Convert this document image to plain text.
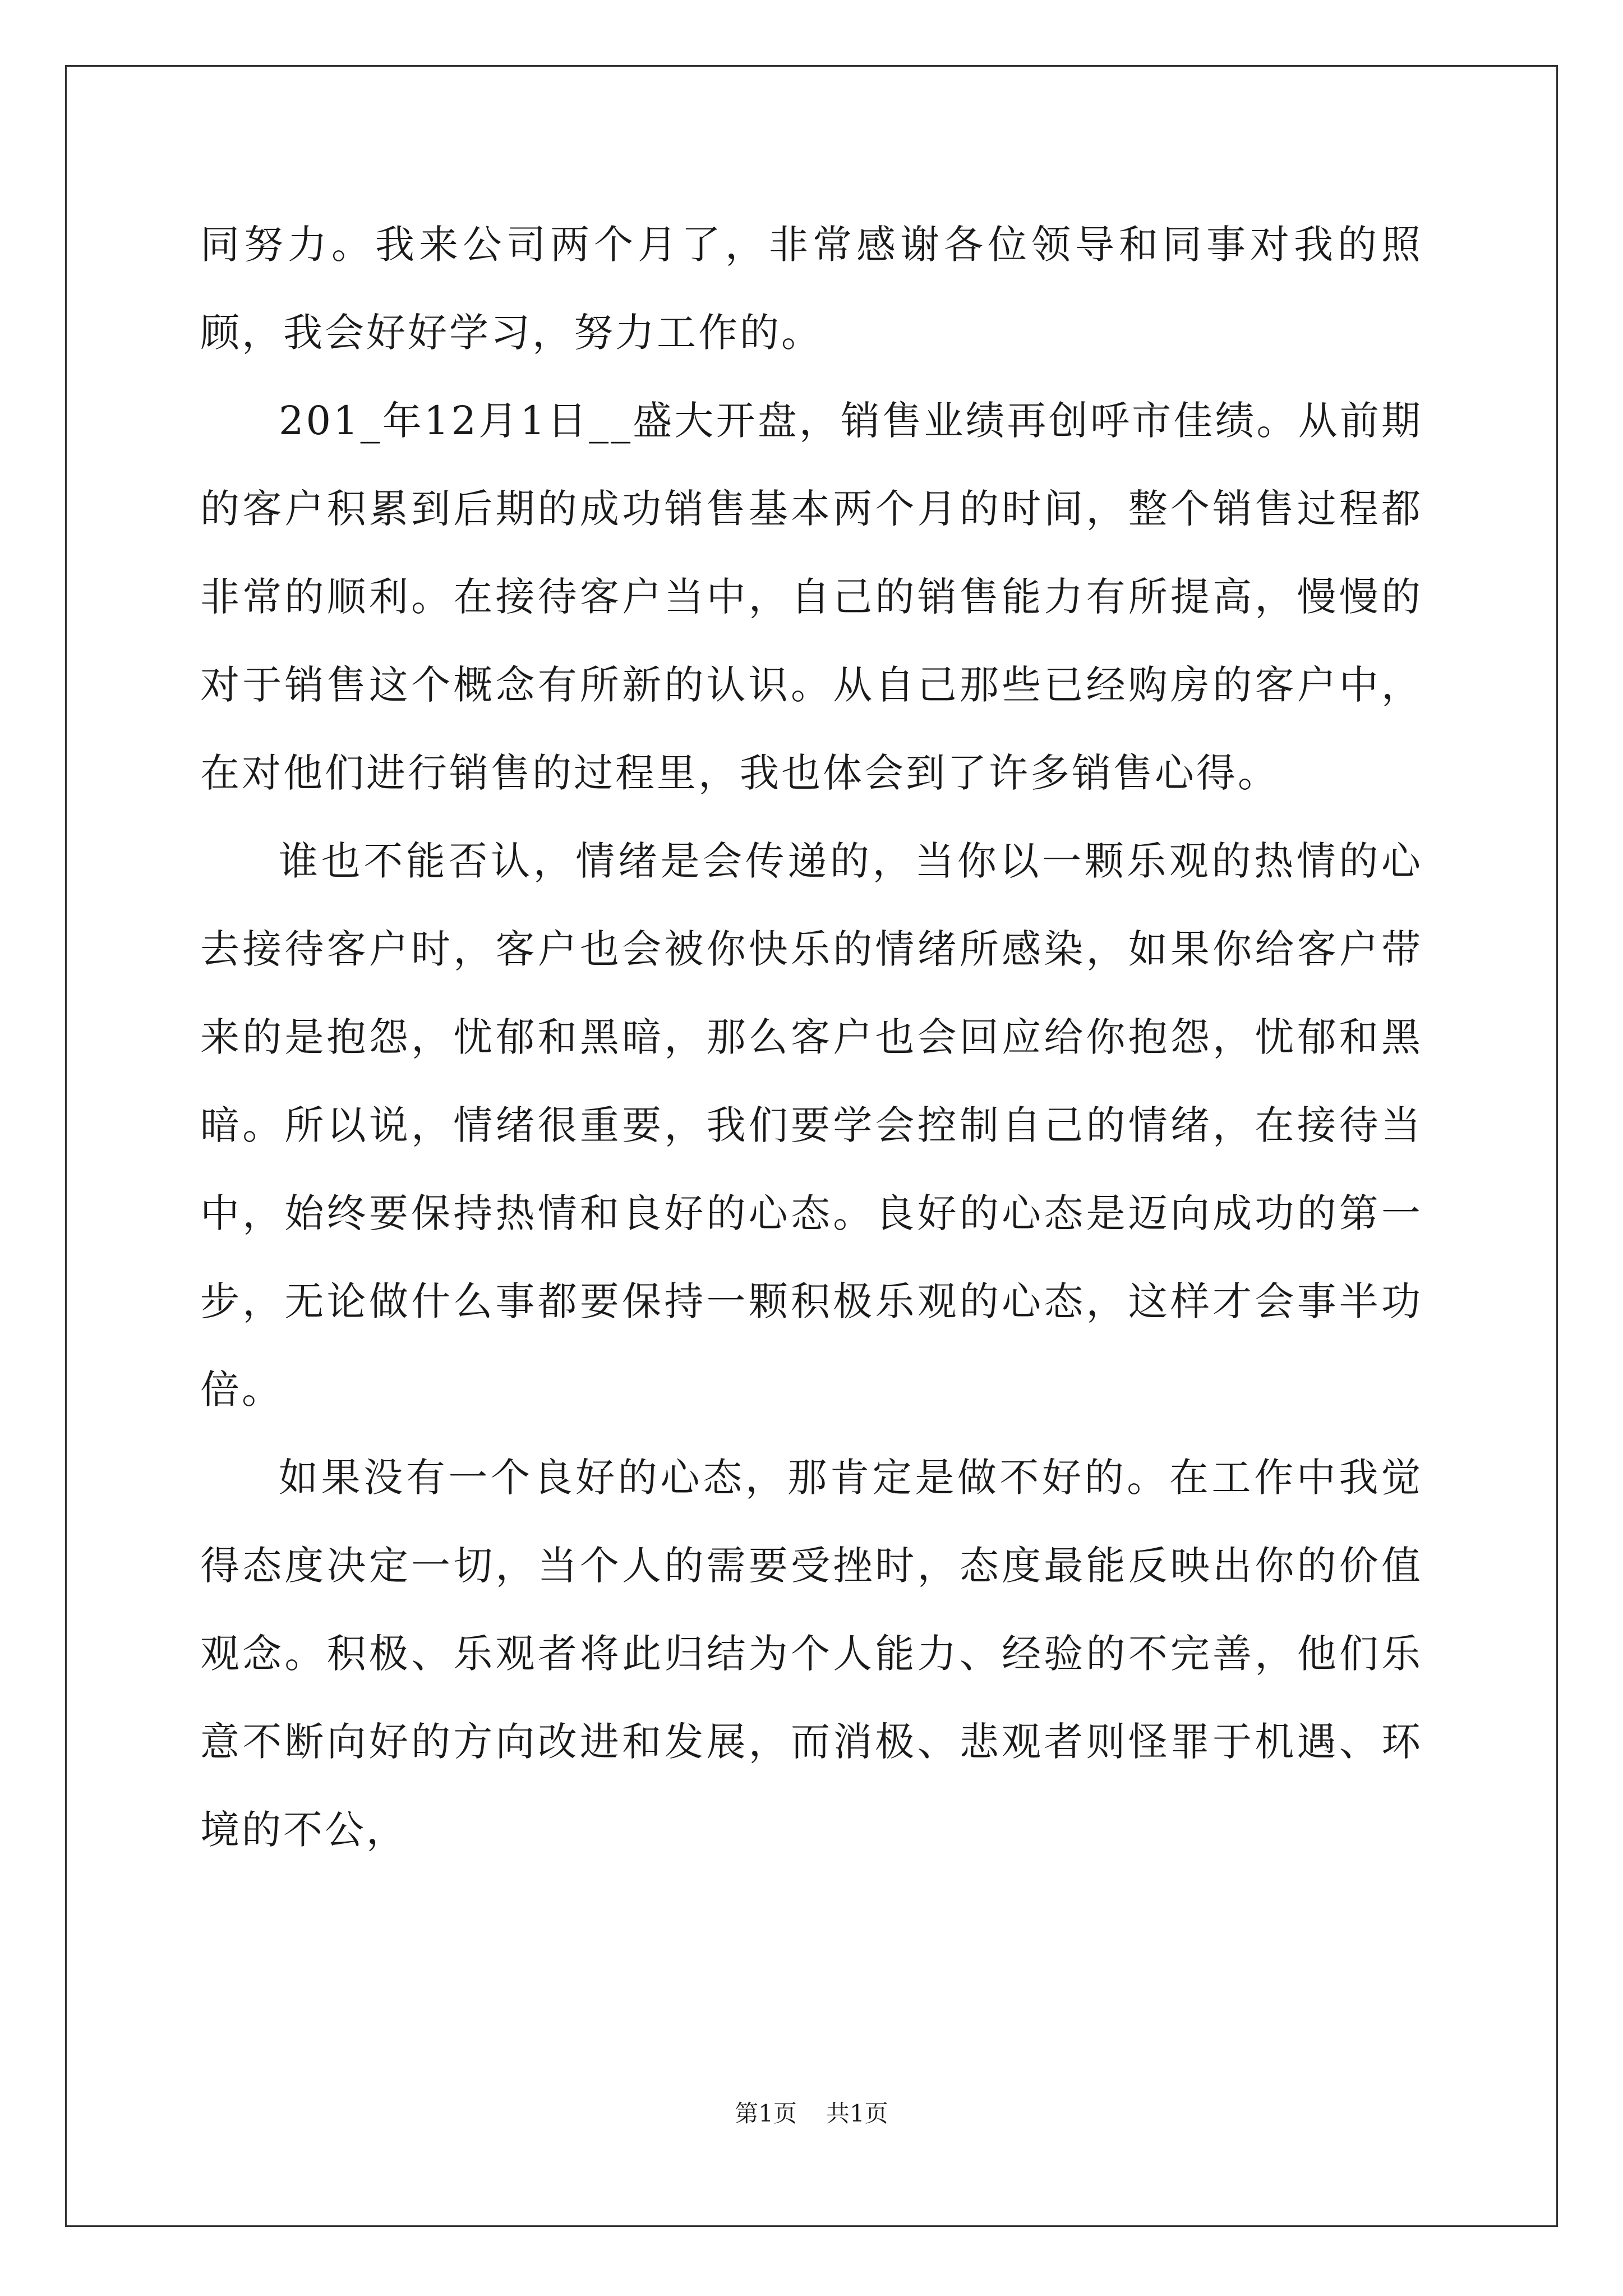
同努力。我来公司两个月了，非常感谢各位领导和同事对我的照顾，我会好好学习，努力工作的。

201_年12月1日__盛大开盘，销售业绩再创呼市佳绩。从前期的客户积累到后期的成功销售基本两个月的时间，整个销售过程都非常的顺利。在接待客户当中，自己的销售能力有所提高，慢慢的对于销售这个概念有所新的认识。从自己那些已经购房的客户中，在对他们进行销售的过程里，我也体会到了许多销售心得。

谁也不能否认，情绪是会传递的，当你以一颗乐观的热情的心去接待客户时，客户也会被你快乐的情绪所感染，如果你给客户带来的是抱怨，忧郁和黑暗，那么客户也会回应给你抱怨，忧郁和黑暗。所以说，情绪很重要，我们要学会控制自己的情绪，在接待当中，始终要保持热情和良好的心态。良好的心态是迈向成功的第一步，无论做什么事都要保持一颗积极乐观的心态，这样才会事半功倍。

如果没有一个良好的心态，那肯定是做不好的。在工作中我觉得态度决定一切，当个人的需要受挫时，态度最能反映出你的价值观念。积极、乐观者将此归结为个人能力、经验的不完善，他们乐意不断向好的方向改进和发展，而消极、悲观者则怪罪于机遇、环境的不公，

第1页 共1页
